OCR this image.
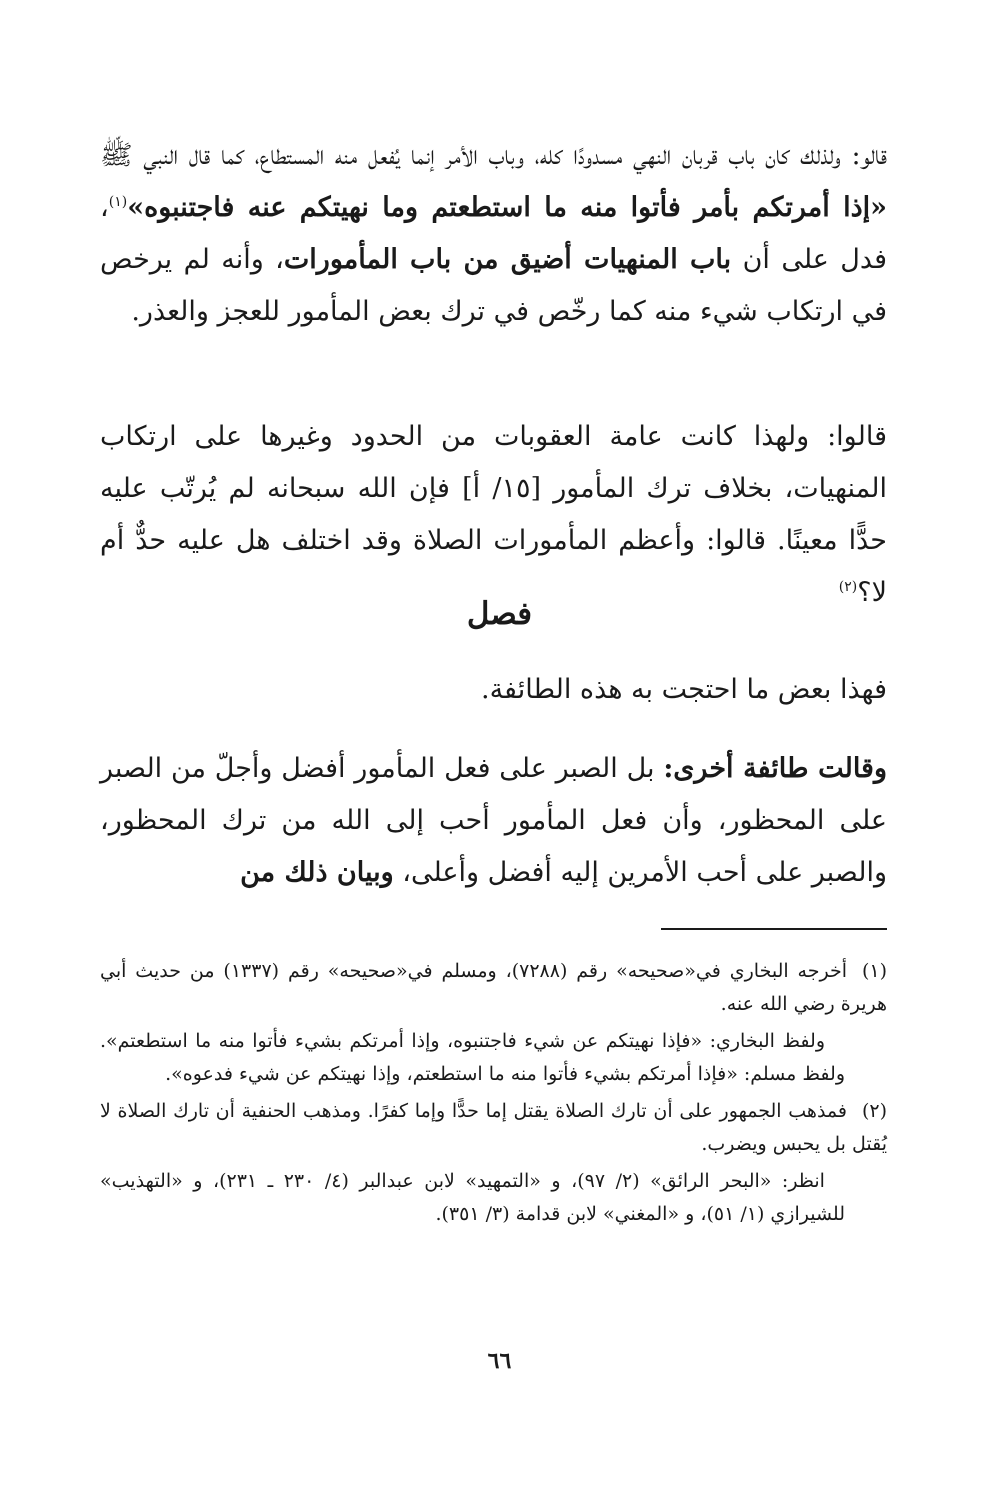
قالو: ولذلك كان باب قربان النهي مسدودًا كله، وباب الأمر إنما يُفعل منه المستطاع، كما قال النبي ﷺ «إذا أمرتكم بأمر فأتوا منه ما استطعتم وما نهيتكم عنه فاجتنبوه»$^{(١)}$، فدل على أن باب المنهيات أضيق من باب المأمورات، وأنه لم يرخص في ارتكاب شيء منه كما رخّص في ترك بعض المأمور للعجز والعذر.

قالوا: ولهذا كانت عامة العقوبات من الحدود وغيرها على ارتكاب المنهيات، بخلاف ترك المأمور [١٥/ أ] فإن الله سبحانه لم يُرتّب عليه حدًّا معينًا. قالوا: وأعظم المأمورات الصلاة وقد اختلف هل عليه حدٌّ أم لا؟$^{(٢)}$

فصل

فهذا بعض ما احتجت به هذه الطائفة.

وقالت طائفة أخرى: بل الصبر على فعل المأمور أفضل وأجلّ من الصبر على المحظور، وأن فعل المأمور أحب إلى الله من ترك المحظور، والصبر على أحب الأمرين إليه أفضل وأعلى، وبيان ذلك من

(١)أخرجه البخاري في«صحيحه» رقم (٧٢٨٨)، ومسلم في«صحيحه» رقم (١٣٣٧) من حديث أبي هريرة رضي الله عنه.
ولفظ البخاري: «فإذا نهيتكم عن شيء فاجتنبوه، وإذا أمرتكم بشيء فأتوا منه ما استطعتم». ولفظ مسلم: «فإذا أمرتكم بشيء فأتوا منه ما استطعتم، وإذا نهيتكم عن شيء فدعوه».
(٢)فمذهب الجمهور على أن تارك الصلاة يقتل إما حدًّا وإما كفرًا. ومذهب الحنفية أن تارك الصلاة لا يُقتل بل يحبس ويضرب.
انظر: «البحر الرائق» (٢/ ٩٧)، و «التمهيد» لابن عبدالبر (٤/ ٢٣٠ ـ ٢٣١)، و «التهذيب» للشيرازي (١/ ٥١)، و «المغني» لابن قدامة (٣/ ٣٥١).
٦٦
